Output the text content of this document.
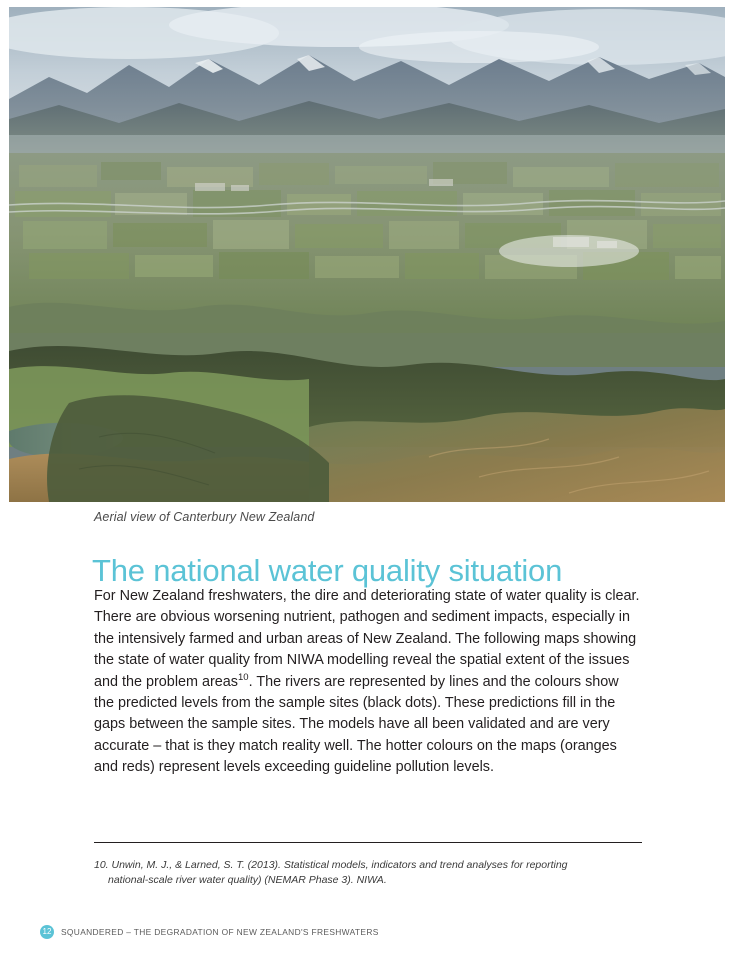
Aerial view of Canterbury New Zealand
The national water quality situation
For New Zealand freshwaters, the dire and deteriorating state of water quality is clear. There are obvious worsening nutrient, pathogen and sediment impacts, especially in the intensively farmed and urban areas of New Zealand. The following maps showing the state of water quality from NIWA modelling reveal the spatial extent of the issues and the problem areas$^{10}$. The rivers are represented by lines and the colours show the predicted levels from the sample sites (black dots). These predictions fill in the gaps between the sample sites. The models have all been validated and are very accurate – that is they match reality well. The hotter colours on the maps (oranges and reds) represent levels exceeding guideline pollution levels.
10. Unwin, M. J., & Larned, S. T. (2013). Statistical models, indicators and trend analyses for reporting
national-scale river water quality) (NEMAR Phase 3). NIWA.
12	SQUANDERED – THE DEGRADATION OF NEW ZEALAND'S FRESHWATERS
